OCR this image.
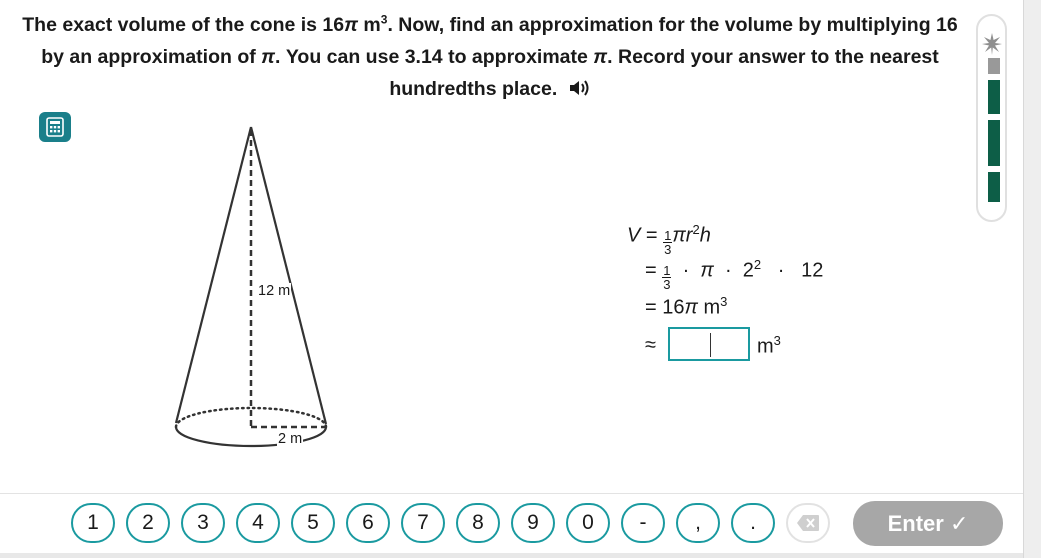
The exact volume of the cone is 16π $m^3$. Now, find an approximation for the volume by multiplying 16 by an approximation of π. You can use 3.14 to approximate π. Record your answer to the nearest hundredths place.
12 m
2 m
$V = \frac{1}{3} \pi r^2h$
= $\frac{1}{3} \cdot \pi \cdot 2^2 \cdot 12$
= 16π $m^3$
≈	$m^3$
1	2	3	4	5	6	7	8	9	0	-	,	.	Enter ✓
